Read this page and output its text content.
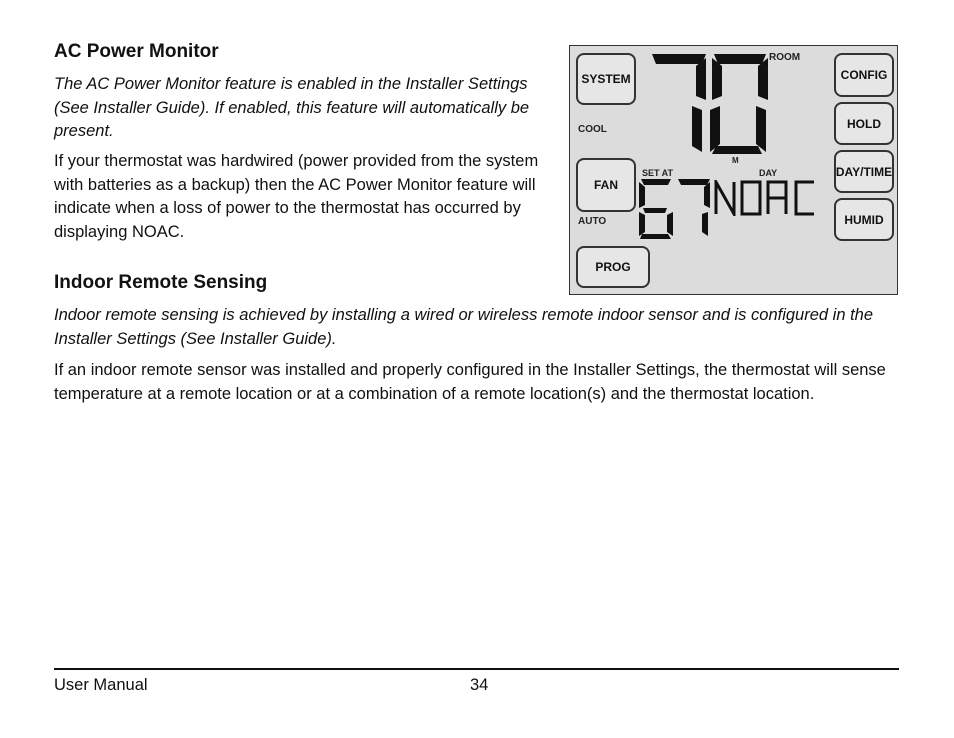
AC Power Monitor

The AC Power Monitor feature is enabled in the Installer Settings (See Installer Guide). If enabled, this feature will automatically be present.

If your thermostat was hardwired (power provided from the system with batteries as a backup) then the AC Power Monitor feature will indicate when a loss of power to the thermostat has occurred by displaying NOAC.

Indoor Remote Sensing

Indoor remote sensing is achieved by installing a wired or wireless remote indoor sensor and is configured in the Installer Settings (See Installer Guide).

If an indoor remote sensor was installed and properly configured in the Installer Settings, the thermostat will sense temperature at a remote location or at a combination of a remote location(s) and the thermostat location.

SYSTEM
COOL
FAN
AUTO
PROG
CONFIG
HOLD
DAY/TIME
HUMID
ROOM
SET AT	DAY
M
User Manual	34
